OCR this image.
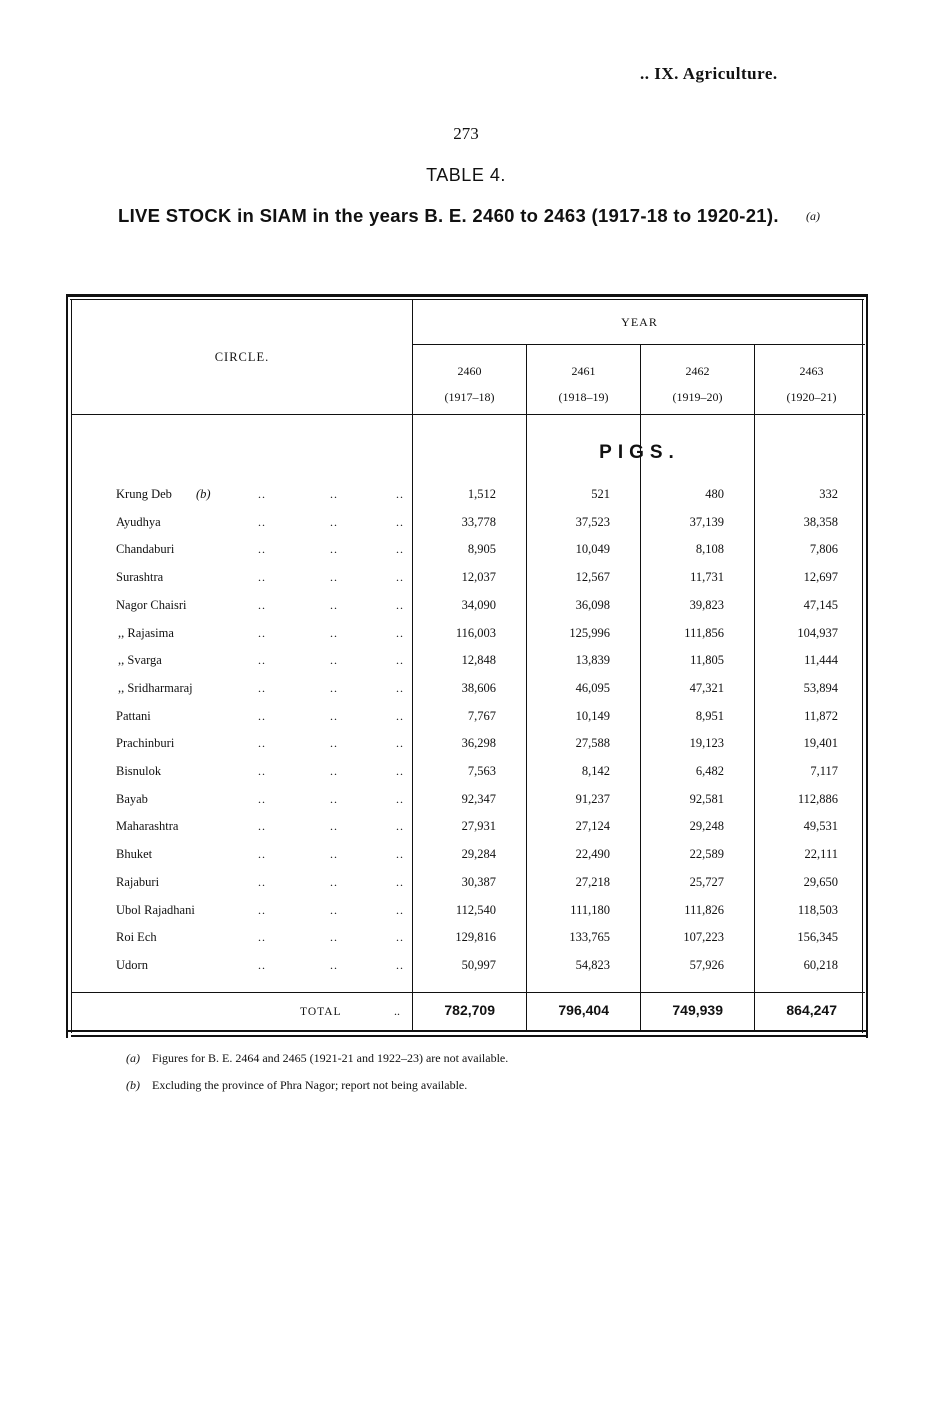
.. IX. Agriculture.
273
TABLE 4.
LIVE STOCK in SIAM in the years B. E. 2460 to 2463 (1917-18 to 1920-21). (a)
YEAR
CIRCLE.
2460
(1917–18)
2461
(1918–19)
2462
(1919–20)
2463
(1920–21)
PIGS.
Krung Deb (b)	..	..	..	1,512	521	480	332
Ayudhya	..	..	..	33,778	37,523	37,139	38,358
Chandaburi	..	..	..	8,905	10,049	8,108	7,806
Surashtra	..	..	..	12,037	12,567	11,731	12,697
Nagor Chaisri	..	..	..	34,090	36,098	39,823	47,145
,, Rajasima	..	..	..	116,003	125,996	111,856	104,937
,, Svarga	..	..	..	12,848	13,839	11,805	11,444
,, Sridharmaraj	..	..	..	38,606	46,095	47,321	53,894
Pattani	..	..	..	7,767	10,149	8,951	11,872
Prachinburi	..	..	..	36,298	27,588	19,123	19,401
Bisnulok	..	..	..	7,563	8,142	6,482	7,117
Bayab	..	..	..	92,347	91,237	92,581	112,886
Maharashtra	..	..	..	27,931	27,124	29,248	49,531
Bhuket	..	..	..	29,284	22,490	22,589	22,111
Rajaburi	..	..	..	30,387	27,218	25,727	29,650
Ubol Rajadhani	..	..	..	112,540	111,180	111,826	118,503
Roi Ech	..	..	..	129,816	133,765	107,223	156,345
Udorn	..	..	..	50,997	54,823	57,926	60,218
TOTAL	..	782,709	796,404	749,939	864,247
(a) Figures for B. E. 2464 and 2465 (1921-21 and 1922–23) are not available.
(b) Excluding the province of Phra Nagor; report not being available.
